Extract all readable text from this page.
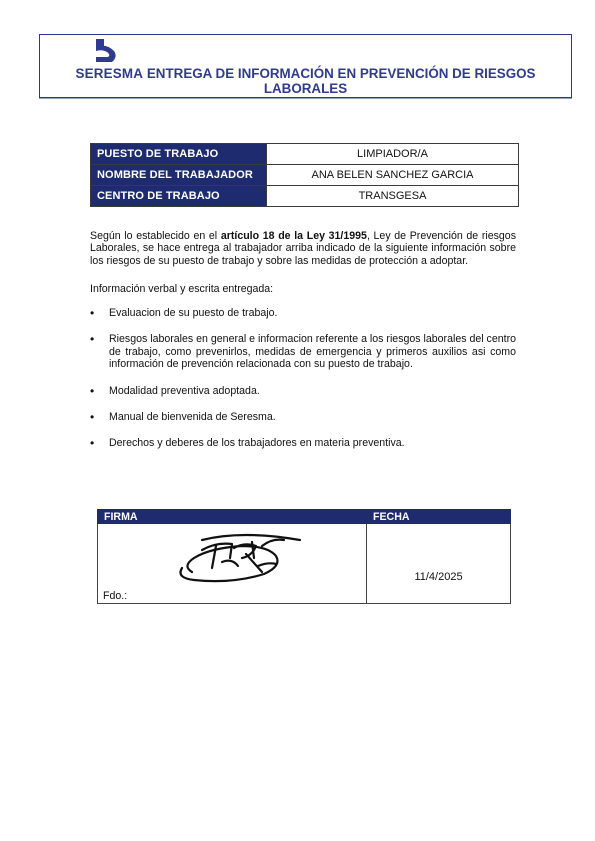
SERESMA ENTREGA DE INFORMACIÓN EN PREVENCIÓN DE RIESGOS
LABORALES
PUESTO DE TRABAJO	LIMPIADOR/A
NOMBRE DEL TRABAJADOR	ANA BELEN SANCHEZ GARCIA
CENTRO DE TRABAJO	TRANSGESA
Según lo establecido en el artículo 18 de la Ley 31/1995, Ley de Prevención de riesgos Laborales, se hace entrega al trabajador arriba indicado de la siguiente información sobre los riesgos de su puesto de trabajo y sobre las medidas de protección a adoptar.
Información verbal y escrita entregada:
• Evaluacion de su puesto de trabajo.
• Riesgos laborales en general e informacion referente a los riesgos laborales del centro de trabajo, como prevenirlos, medidas de emergencia y primeros auxilios asi como información de prevención relacionada con su puesto de trabajo.
• Modalidad preventiva adoptada.
• Manual de bienvenida de Seresma.
• Derechos y deberes de los trabajadores en materia preventiva.
FIRMA	FECHA

Fdo.:	11/4/2025
